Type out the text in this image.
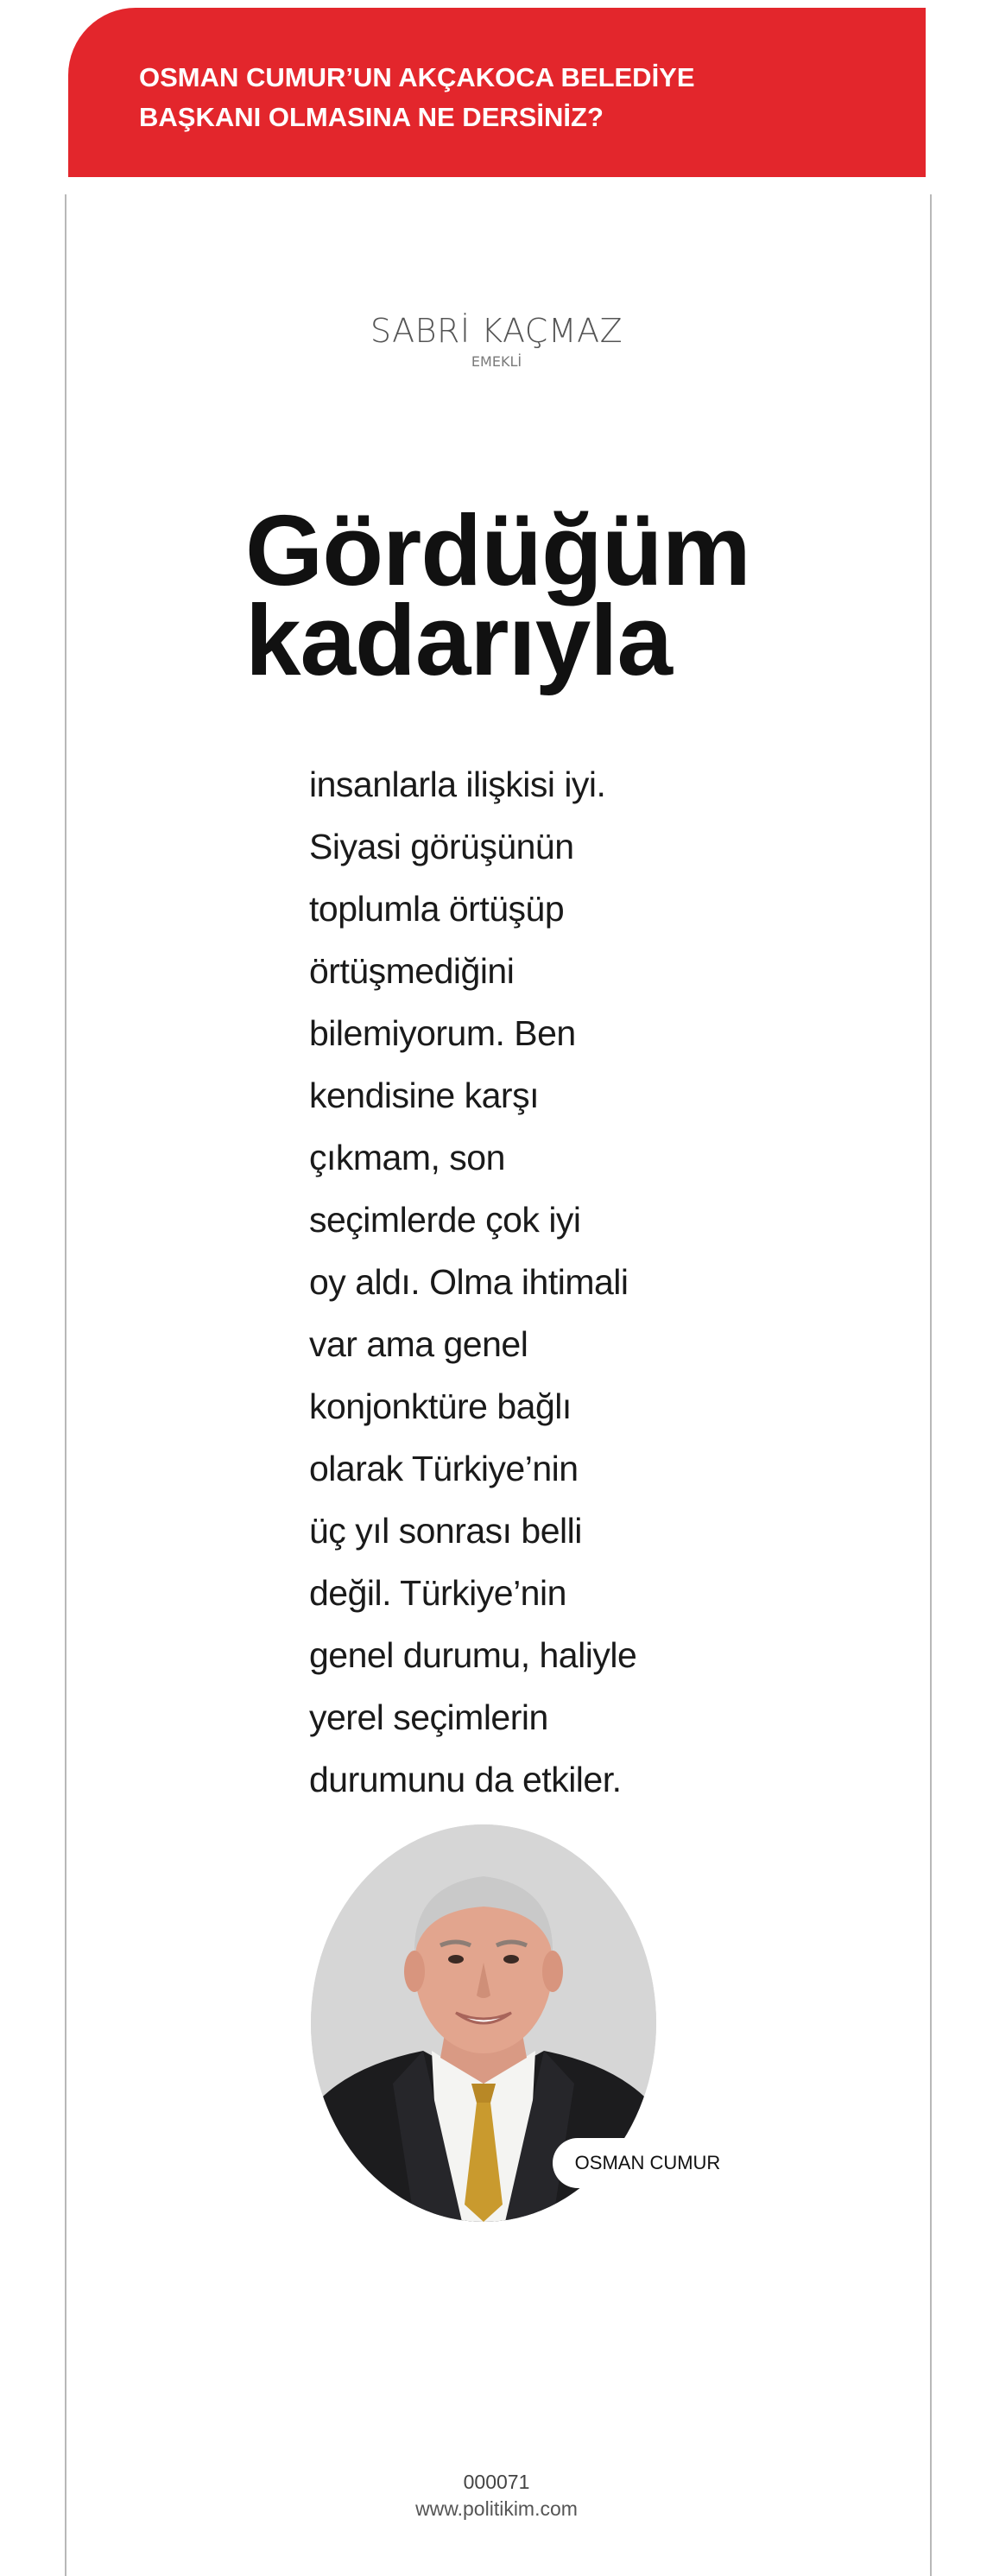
OSMAN CUMUR’UN AKÇAKOCA BELEDİYE
BAŞKANI OLMASINA NE DERSİNİZ?
SABRİ KAÇMAZ
EMEKLİ
Gördüğüm
kadarıyla
insanlarla ilişkisi iyi.
Siyasi görüşünün
toplumla örtüşüp
örtüşmediğini
bilemiyorum. Ben
kendisine karşı
çıkmam, son
seçimlerde çok iyi
oy aldı. Olma ihtimali
var ama genel
konjonktüre bağlı
olarak Türkiye’nin
üç yıl sonrası belli
değil. Türkiye’nin
genel durumu, haliyle
yerel seçimlerin
durumunu da etkiler.
OSMAN CUMUR
000071
www.politikim.com
